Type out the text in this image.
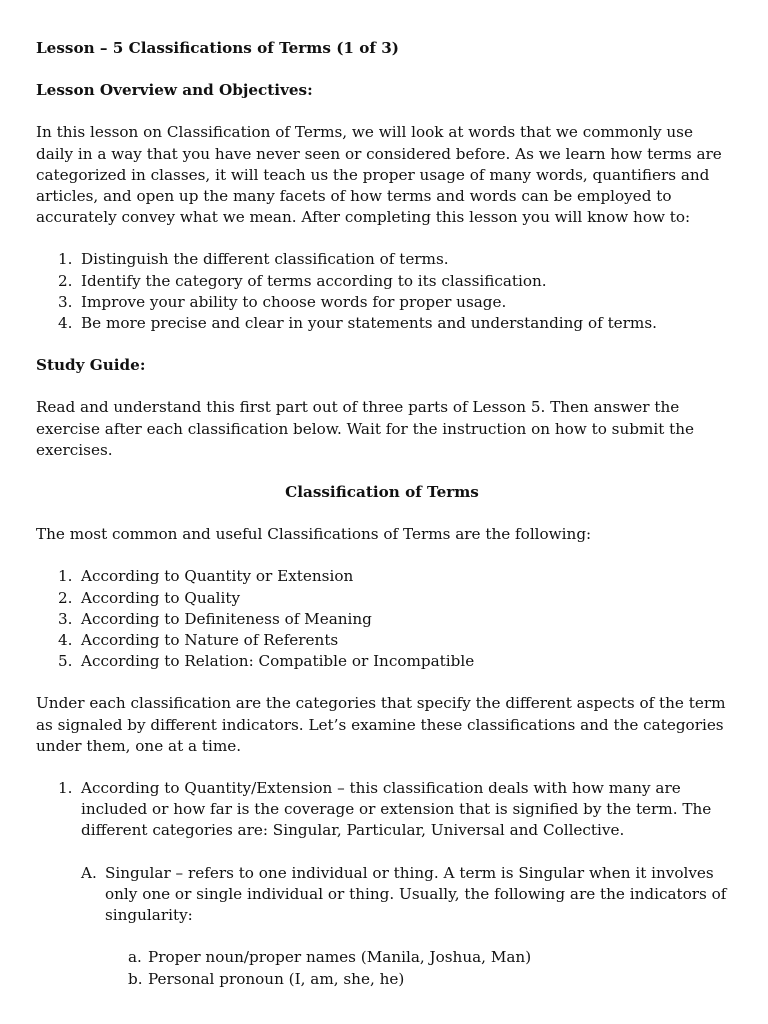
Lesson – 5 Classifications of Terms (1 of 3)

Lesson Overview and Objectives:

In this lesson on Classification of Terms, we will look at words that we commonly use daily in a way that you have never seen or considered before. As we learn how terms are categorized in classes, it will teach us the proper usage of many words, quantifiers and articles, and open up the many facets of how terms and words can be employed to accurately convey what we mean. After completing this lesson you will know how to:

1. Distinguish the different classification of terms.
2. Identify the category of terms according to its classification.
3. Improve your ability to choose words for proper usage.
4. Be more precise and clear in your statements and understanding of terms.

Study Guide:

Read and understand this first part out of three parts of Lesson 5. Then answer the exercise after each classification below. Wait for the instruction on how to submit the exercises.

Classification of Terms

The most common and useful Classifications of Terms are the following:

1. According to Quantity or Extension
2. According to Quality
3. According to Definiteness of Meaning
4. According to Nature of Referents
5. According to Relation: Compatible or Incompatible

Under each classification are the categories that specify the different aspects of the term as signaled by different indicators. Let’s examine these classifications and the categories under them, one at a time.

1. According to Quantity/Extension – this classification deals with how many are included or how far is the coverage or extension that is signified by the term. The different categories are: Singular, Particular, Universal and Collective.
A. Singular – refers to one individual or thing. A term is Singular when it involves only one or single individual or thing. Usually, the following are the indicators of singularity:
a. Proper noun/proper names (Manila, Joshua, Man)
b. Personal pronoun (I, am, she, he)
